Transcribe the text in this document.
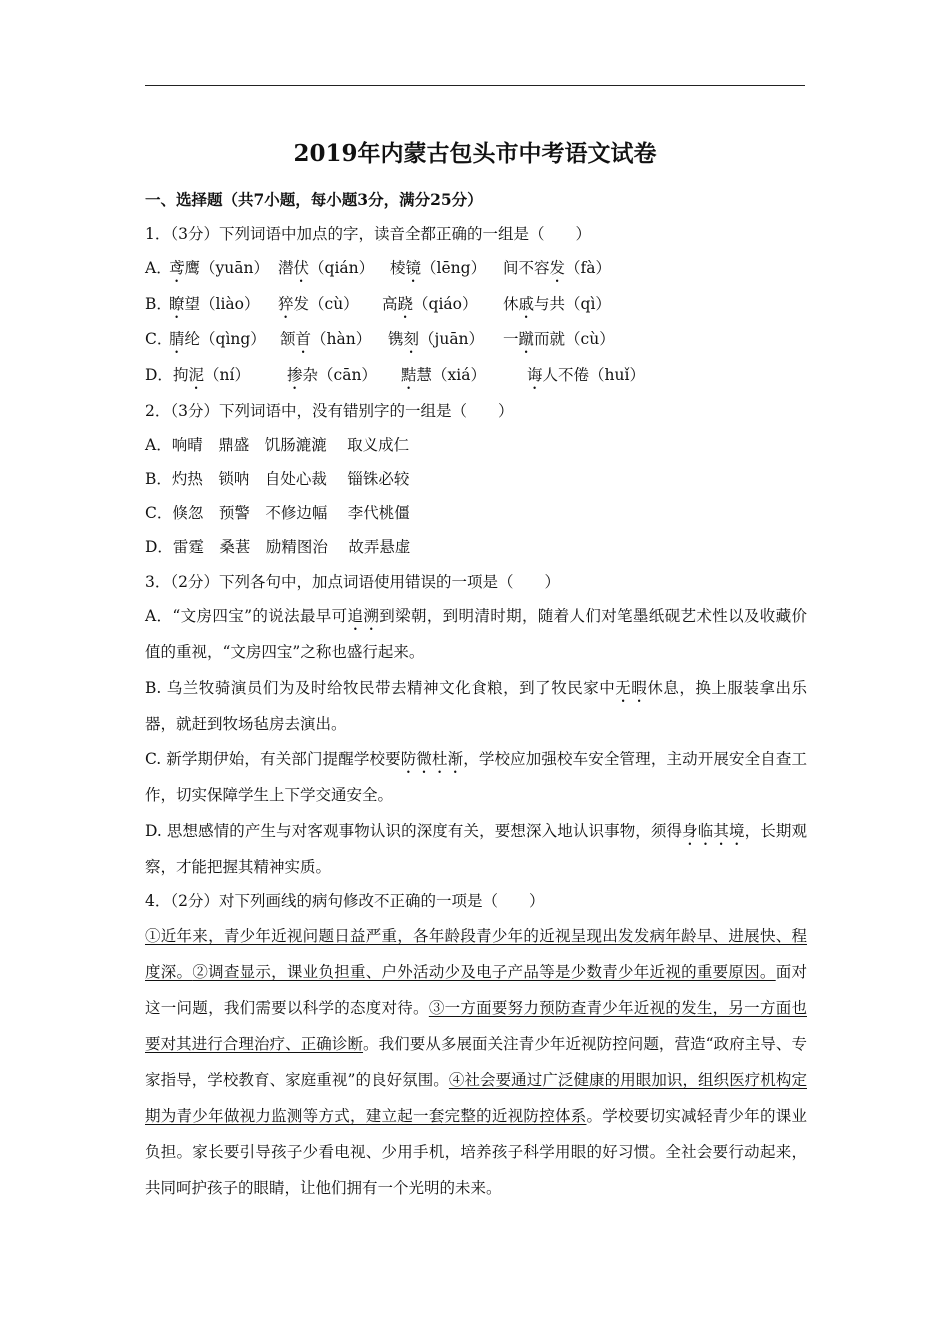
2019年内蒙古包头市中考语文试卷
一、选择题（共7小题，每小题3分，满分25分）
1．（3分）下列词语中加点的字，读音全都正确的一组是（　　）
A．
鸢鹰（yuān） 潜伏（qián） 棱镜（lēng） 间不容发（fà）
B．
瞭望（liào） 猝发（cù） 高跷（qiáo） 休戚与共（qì）
C．
腈纶（qìng） 颔首（hàn） 镌刻（juān） 一蹴而就（cù）
D． 拘泥（ní） 掺杂（cān） 黠慧（xiá）	诲人不倦（huǐ）
2．（3分）下列词语中，没有错别字的一组是（　　）
A．响晴　鼎盛　饥肠漉漉　 取义成仁
B．灼热　锁呐　自处心裁　 锱铢必较
C．倏忽　预警　不修边幅　 李代桃僵
D．雷霆　桑葚　励精图治　 故弄悬虚
3．（2分）下列各句中，加点词语使用错误的一项是（　　）
A．“文房四宝”的说法最早可追溯到梁朝，到明清时期，随着人们对笔墨纸砚艺术性以及收藏价值的重视，“文房四宝”之称也盛行起来。
B. 乌兰牧骑演员们为及时给牧民带去精神文化食粮，到了牧民家中无暇休息，换上服装拿出乐器，就赶到牧场毡房去演出。
C. 新学期伊始，有关部门提醒学校要防微杜渐，学校应加强校车安全管理，主动开展安全自查工作，切实保障学生上下学交通安全。
D. 思想感情的产生与对客观事物认识的深度有关，要想深入地认识事物，须得身临其境，长期观察，才能把握其精神实质。
4．（2分）对下列画线的病句修改不正确的一项是（　　）
①近年来，青少年近视问题日益严重，各年龄段青少年的近视呈现出发发病年龄早、进展快、程度深。②调查显示，课业负担重、户外活动少及电子产品等是少数青少年近视的重要原因。面对这一问题，我们需要以科学的态度对待。③一方面要努力预防查青少年近视的发生，另一方面也要对其进行合理治疗、正确诊断。我们要从多展面关注青少年近视防控问题，营造“政府主导、专家指导，学校教育、家庭重视”的良好氛围。④社会要通过广泛健康的用眼加识，组织医疗机构定期为青少年做视力监测等方式，建立起一套完整的近视防控体系。学校要切实减轻青少年的课业负担。家长要引导孩子少看电视、少用手机，培养孩子科学用眼的好习惯。全社会要行动起来，共同呵护孩子的眼睛，让他们拥有一个光明的未来。
